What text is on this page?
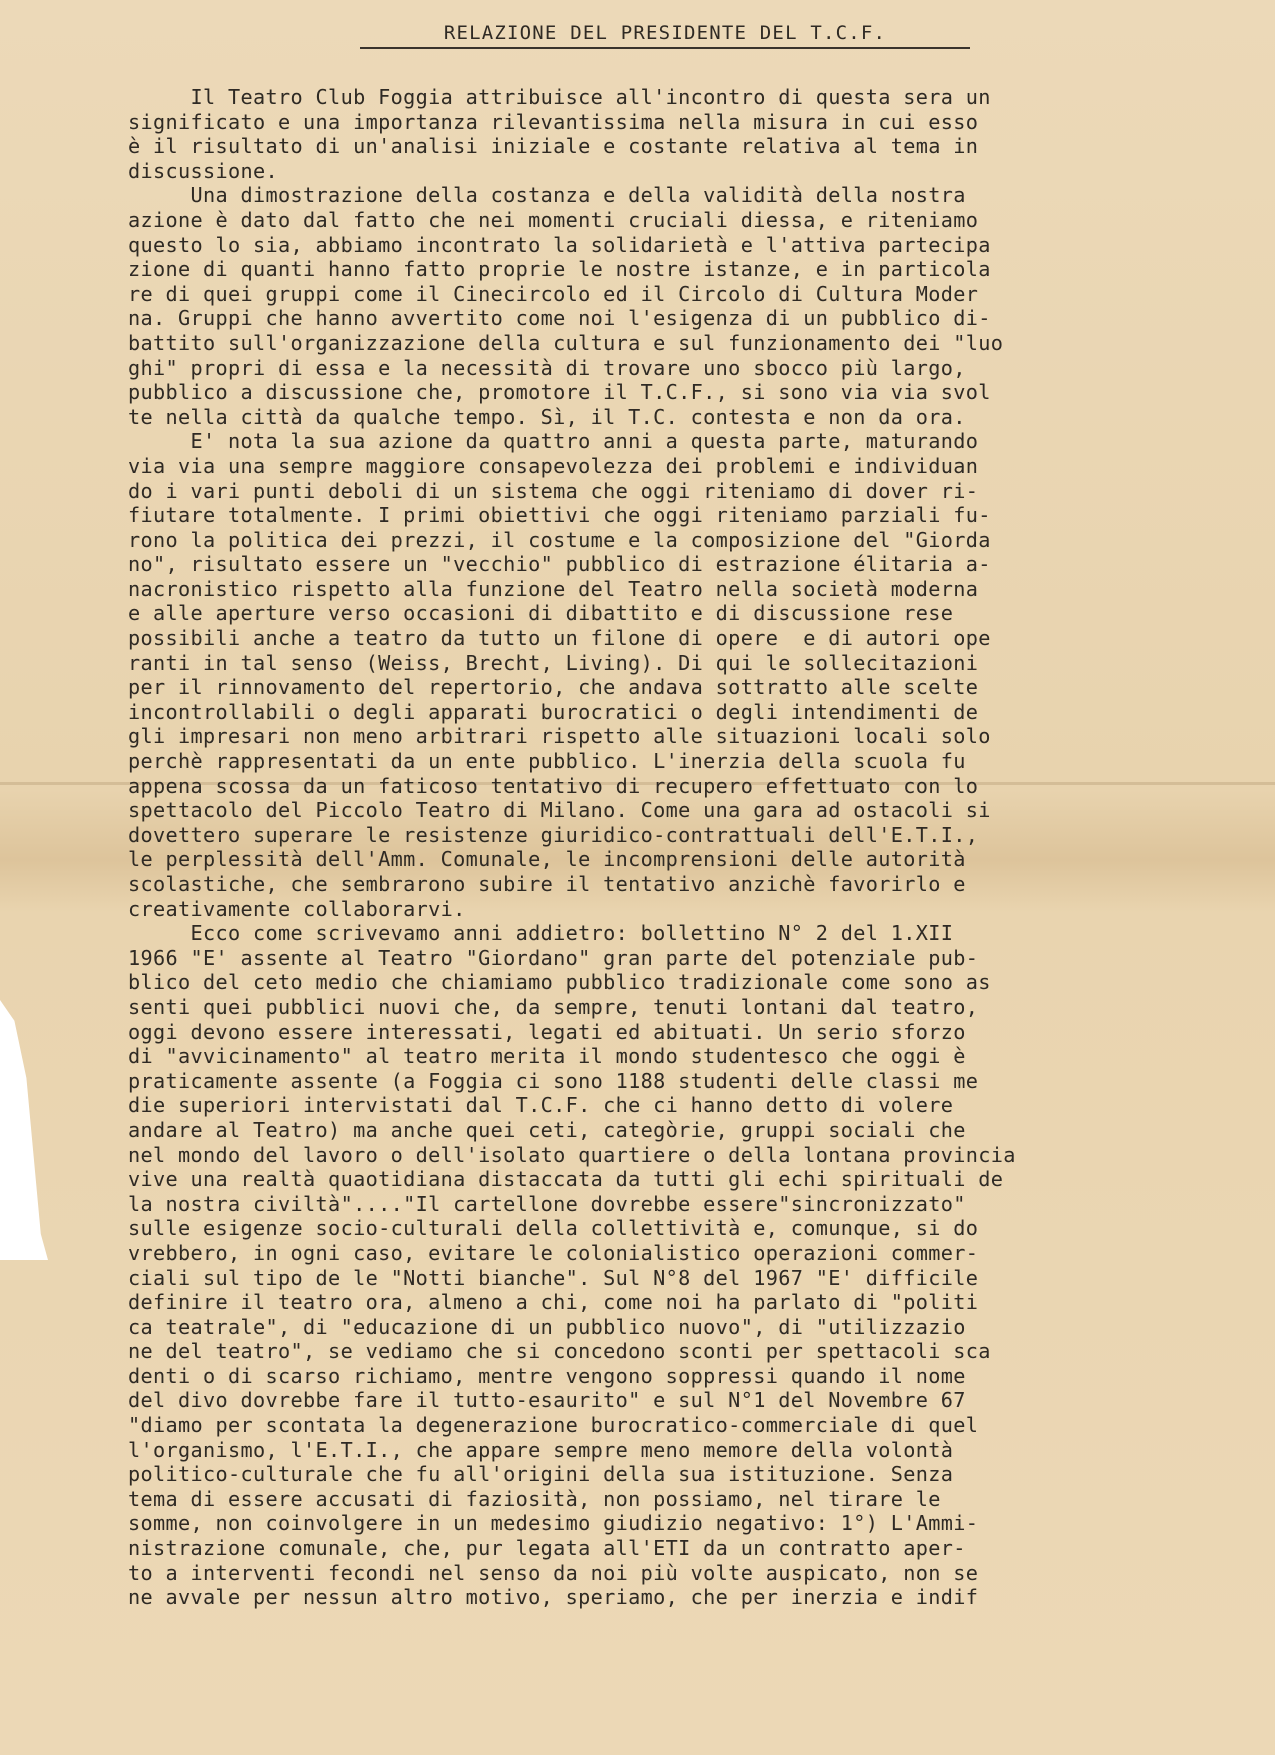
RELAZIONE DEL PRESIDENTE DEL T.C.F.
Il Teatro Club Foggia attribuisce all'incontro di questa sera un
significato e una importanza rilevantissima nella misura in cui esso
è il risultato di un'analisi iniziale e costante relativa al tema in
discussione.
Una dimostrazione della costanza e della validità della nostra
azione è dato dal fatto che nei momenti cruciali diessa, e riteniamo
questo lo sia, abbiamo incontrato la solidarietà e l'attiva partecipa
zione di quanti hanno fatto proprie le nostre istanze, e in particola
re di quei gruppi come il Cinecircolo ed il Circolo di Cultura Moder
na. Gruppi che hanno avvertito come noi l'esigenza di un pubblico di-
battito sull'organizzazione della cultura e sul funzionamento dei "luo
ghi" propri di essa e la necessità di trovare uno sbocco più largo,
pubblico a discussione che, promotore il T.C.F., si sono via via svol
te nella città da qualche tempo. Sì, il T.C. contesta e non da ora.
E' nota la sua azione da quattro anni a questa parte, maturando
via via una sempre maggiore consapevolezza dei problemi e individuan
do i vari punti deboli di un sistema che oggi riteniamo di dover ri-
fiutare totalmente. I primi obiettivi che oggi riteniamo parziali fu-
rono la politica dei prezzi, il costume e la composizione del "Giorda
no", risultato essere un "vecchio" pubblico di estrazione élitaria a-
nacronistico rispetto alla funzione del Teatro nella società moderna
e alle aperture verso occasioni di dibattito e di discussione rese
possibili anche a teatro da tutto un filone di opere  e di autori ope
ranti in tal senso (Weiss, Brecht, Living). Di qui le sollecitazioni
per il rinnovamento del repertorio, che andava sottratto alle scelte
incontrollabili o degli apparati burocratici o degli intendimenti de
gli impresari non meno arbitrari rispetto alle situazioni locali solo
perchè rappresentati da un ente pubblico. L'inerzia della scuola fu
appena scossa da un faticoso tentativo di recupero effettuato con lo
spettacolo del Piccolo Teatro di Milano. Come una gara ad ostacoli si
dovettero superare le resistenze giuridico-contrattuali dell'E.T.I.,
le perplessità dell'Amm. Comunale, le incomprensioni delle autorità
scolastiche, che sembrarono subire il tentativo anzichè favorirlo e
creativamente collaborarvi.
Ecco come scrivevamo anni addietro: bollettino N° 2 del 1.XII
1966 "E' assente al Teatro "Giordano" gran parte del potenziale pub-
blico del ceto medio che chiamiamo pubblico tradizionale come sono as
senti quei pubblici nuovi che, da sempre, tenuti lontani dal teatro,
oggi devono essere interessati, legati ed abituati. Un serio sforzo
di "avvicinamento" al teatro merita il mondo studentesco che oggi è
praticamente assente (a Foggia ci sono 1188 studenti delle classi me
die superiori intervistati dal T.C.F. che ci hanno detto di volere
andare al Teatro) ma anche quei ceti, categòrie, gruppi sociali che
nel mondo del lavoro o dell'isolato quartiere o della lontana provincia
vive una realtà quaotidiana distaccata da tutti gli echi spirituali de
la nostra civiltà"...."Il cartellone dovrebbe essere"sincronizzato"
sulle esigenze socio-culturali della collettività e, comunque, si do
vrebbero, in ogni caso, evitare le colonialistico operazioni commer-
ciali sul tipo de le "Notti bianche". Sul N°8 del 1967 "E' difficile
definire il teatro ora, almeno a chi, come noi ha parlato di "politi
ca teatrale", di "educazione di un pubblico nuovo", di "utilizzazio
ne del teatro", se vediamo che si concedono sconti per spettacoli sca
denti o di scarso richiamo, mentre vengono soppressi quando il nome
del divo dovrebbe fare il tutto-esaurito" e sul N°1 del Novembre 67
"diamo per scontata la degenerazione burocratico-commerciale di quel
l'organismo, l'E.T.I., che appare sempre meno memore della volontà
politico-culturale che fu all'origini della sua istituzione. Senza
tema di essere accusati di faziosità, non possiamo, nel tirare le
somme, non coinvolgere in un medesimo giudizio negativo: 1°) L'Ammi-
nistrazione comunale, che, pur legata all'ETI da un contratto aper-
to a interventi fecondi nel senso da noi più volte auspicato, non se
ne avvale per nessun altro motivo, speriamo, che per inerzia e indif
